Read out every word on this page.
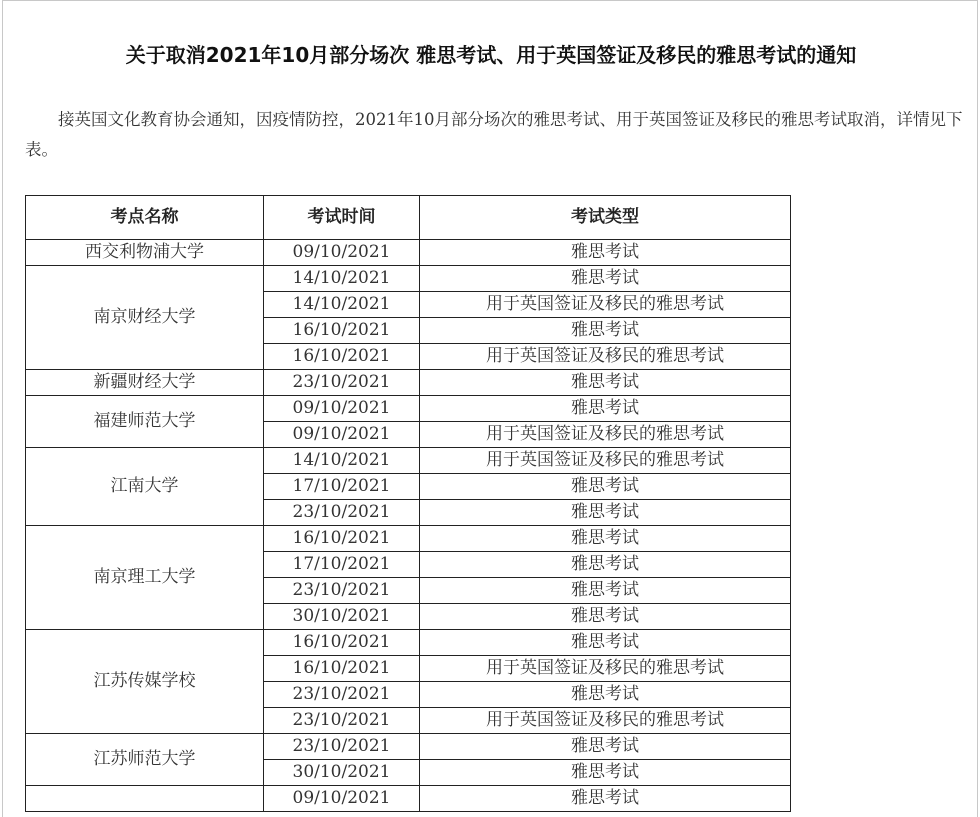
关于取消2021年10月部分场次 雅思考试、用于英国签证及移民的雅思考试的通知
接英国文化教育协会通知，因疫情防控，2021年10月部分场次的雅思考试、用于英国签证及移民的雅思考试取消，详情见下表。
考点名称	考试时间	考试类型
西交利物浦大学	09/10/2021	雅思考试
南京财经大学	14/10/2021	雅思考试
	14/10/2021	用于英国签证及移民的雅思考试
	16/10/2021	雅思考试
	16/10/2021	用于英国签证及移民的雅思考试
新疆财经大学	23/10/2021	雅思考试
福建师范大学	09/10/2021	雅思考试
	09/10/2021	用于英国签证及移民的雅思考试
江南大学	14/10/2021	用于英国签证及移民的雅思考试
	17/10/2021	雅思考试
	23/10/2021	雅思考试
南京理工大学	16/10/2021	雅思考试
	17/10/2021	雅思考试
	23/10/2021	雅思考试
	30/10/2021	雅思考试
江苏传媒学校	16/10/2021	雅思考试
	16/10/2021	用于英国签证及移民的雅思考试
	23/10/2021	雅思考试
	23/10/2021	用于英国签证及移民的雅思考试
江苏师范大学	23/10/2021	雅思考试
	30/10/2021	雅思考试
	09/10/2021	雅思考试
